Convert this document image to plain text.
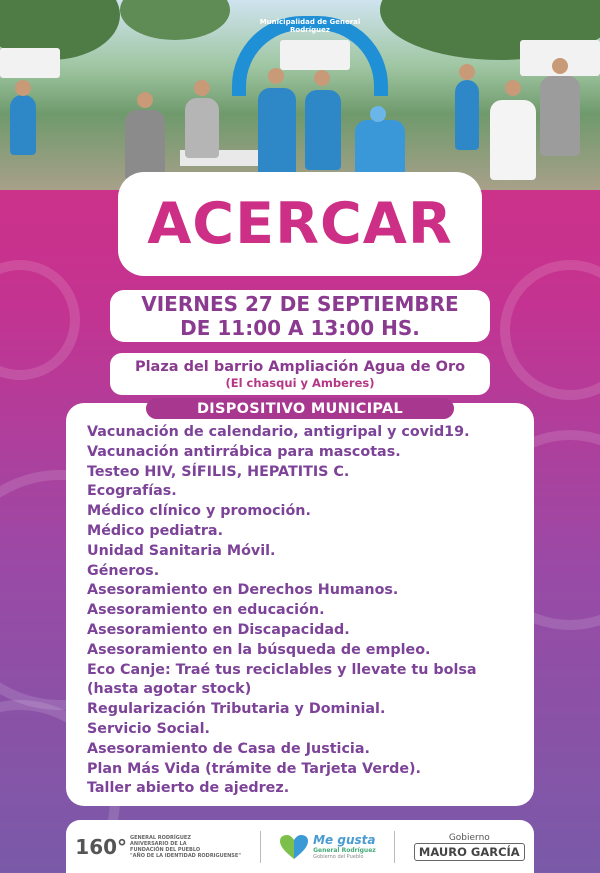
Municipalidad de General Rodríguez
ACERCAR
VIERNES 27 DE SEPTIEMBRE
DE 11:00 A 13:00 HS.
Plaza del barrio Ampliación Agua de Oro
(El chasqui y Amberes)
Vacunación de calendario, antigripal y covid19.
Vacunación antirrábica para mascotas.
Testeo HIV, SÍFILIS, HEPATITIS C.
Ecografías.
Médico clínico y promoción.
Médico pediatra.
Unidad Sanitaria Móvil.
Géneros.
Asesoramiento en Derechos Humanos.
Asesoramiento en educación.
Asesoramiento en Discapacidad.
Asesoramiento en la búsqueda de empleo.
Eco Canje: Traé tus reciclables y llevate tu bolsa
(hasta agotar stock)
Regularización Tributaria y Dominial.
Servicio Social.
Asesoramiento de Casa de Justicia.
Plan Más Vida (trámite de Tarjeta Verde).
Taller abierto de ajedrez.
DISPOSITIVO MUNICIPAL
160° GENERAL RODRÍGUEZ
ANIVERSARIO DE LA
FUNDACIÓN DEL PUEBLO
"AÑO DE LA IDENTIDAD RODRIGUENSE"
Me gusta
General Rodríguez
Gobierno del Pueblo
Gobierno
MAURO GARCÍA
